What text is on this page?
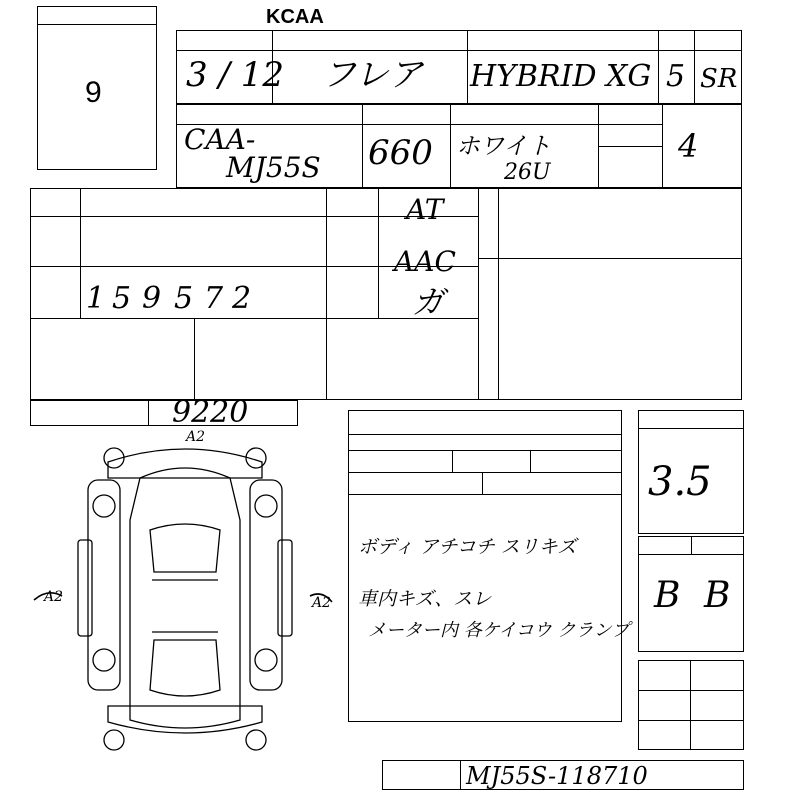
KCAA
9 3 / 12 フレア HYBRID XG 5 SR
CAA-
MJ55S 660 ホワイト
26U
4
AT
AAC
ガ
1 5 9 5 7 2
9220
3.5
B B
ボディ アチコチ スリキズ
車内キズ、スレ
メーター内 各ケイコウ クランプ
MJ55S-118710
A2
A2	A2
